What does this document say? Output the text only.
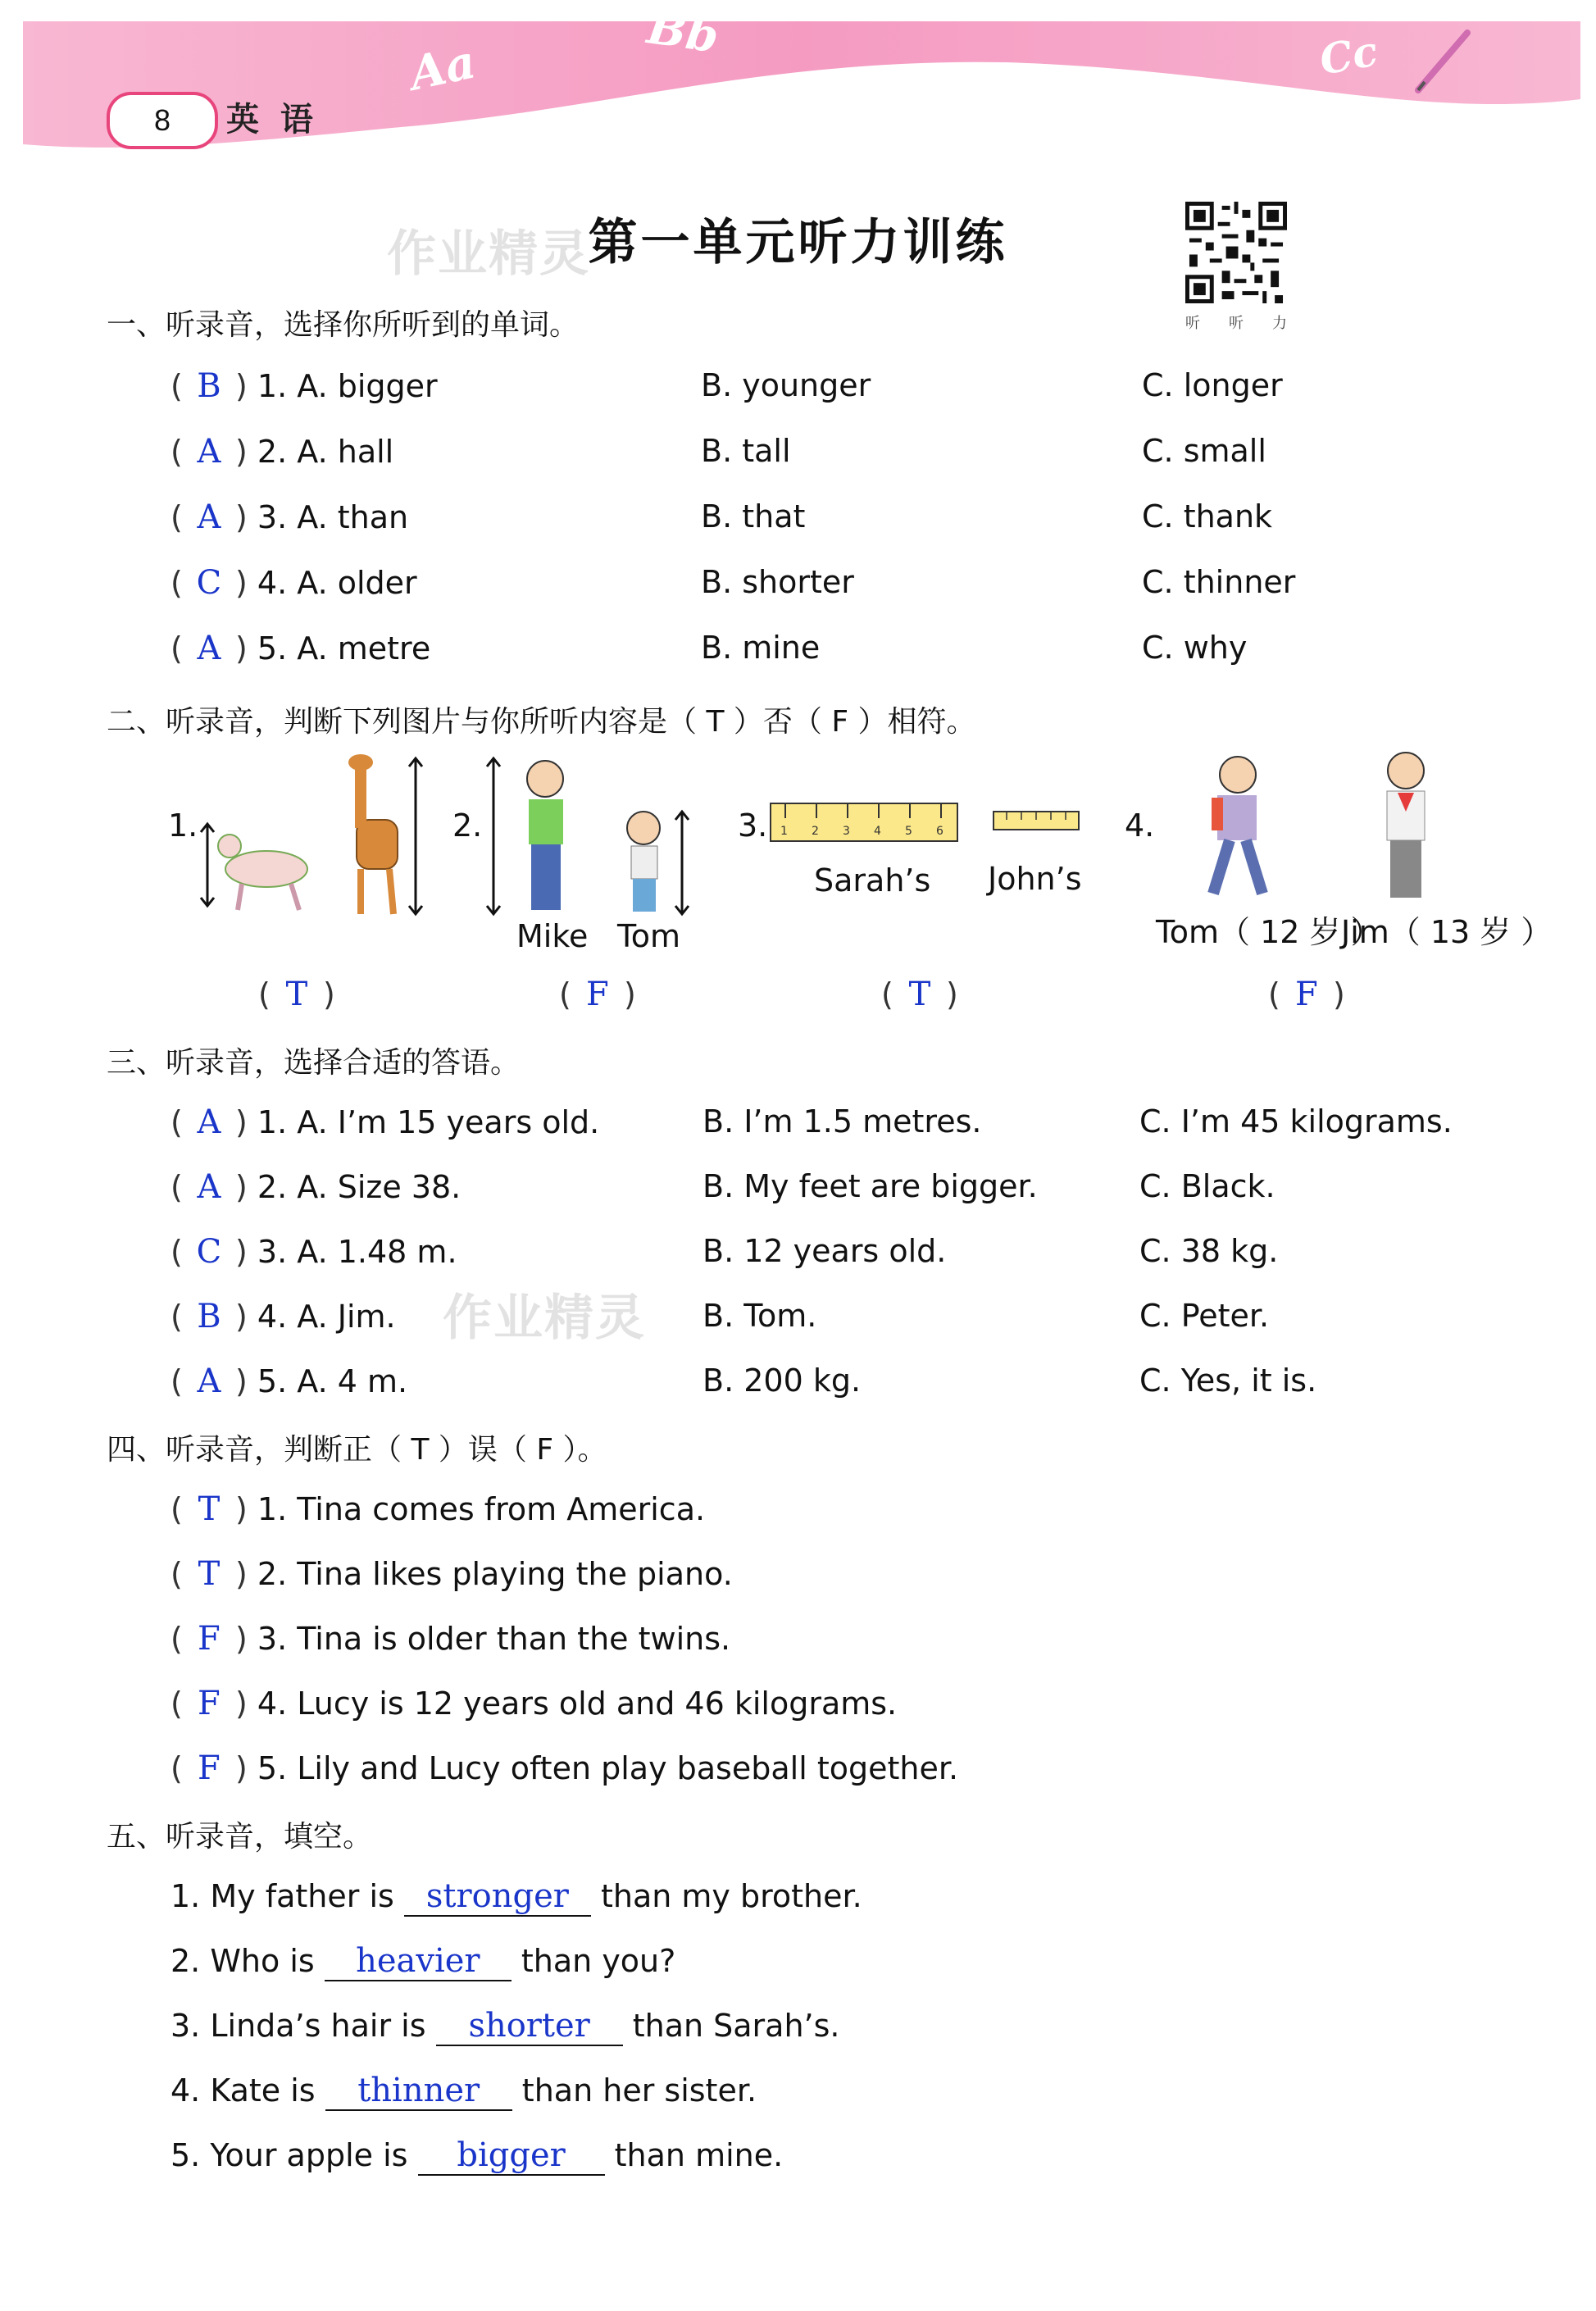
Aa
Bb	Cc
8	英 语
第一单元听力训练
作业精灵
作业精灵
听 听 力
一、听录音，选择你所听到的单词。
( B ) 1. A. bigger	B. younger	C. longer
( A ) 2. A. hall	B. tall	C. small
( A ) 3. A. than	B. that	C. thank
( C ) 4. A. older	B. shorter	C. thinner
( A ) 5. A. metre	B. mine	C. why
二、听录音，判断下列图片与你所听内容是（ T ）否（ F ）相符。
1.	2.
Mike Tom
3. 1 2 3 4 5 6
Sarah’s John’s
4.
Tom（ 12 岁 ）
Jim（ 13 岁 ）
( T )	( F )	( T )	( F )
三、听录音，选择合适的答语。
( A ) 1. A. I’m 15 years old.	B. I’m 1.5 metres.	C. I’m 45 kilograms.
( A ) 2. A. Size 38.	B. My feet are bigger.	C. Black.
( C ) 3. A. 1.48 m.	B. 12 years old.	C. 38 kg.
( B ) 4. A. Jim.	B. Tom.	C. Peter.
( A ) 5. A. 4 m.	B. 200 kg.	C. Yes, it is.
四、听录音，判断正（ T ）误（ F ）。
( T ) 1. Tina comes from America.
( T ) 2. Tina likes playing the piano.
( F ) 3. Tina is older than the twins.
( F ) 4. Lucy is 12 years old and 46 kilograms.
( F ) 5. Lily and Lucy often play baseball together.
五、听录音，填空。
1. My father is stronger than my brother.
2. Who is heavier than you?
3. Linda’s hair is shorter than Sarah’s.
4. Kate is thinner than her sister.
5. Your apple is bigger than mine.
